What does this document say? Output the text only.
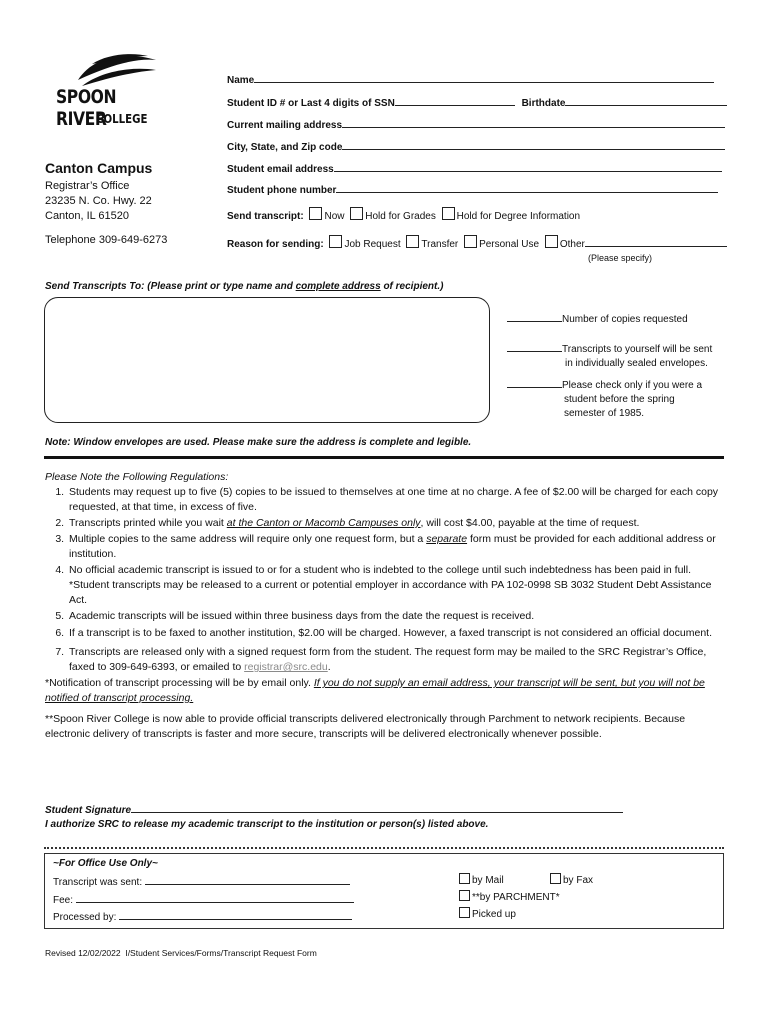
SPOON RIVER
COLLEGE
Canton Campus
Registrar’s Office
23235 N. Co. Hwy. 22
Canton, IL 61520
Telephone 309-649-6273
Name
Student ID # or Last 4 digits of SSN	Birthdate
Current mailing address
City, State, and Zip code
Student email address
Student phone number
Send transcript: Now Hold for Grades Hold for Degree Information
Reason for sending: Job Request Transfer Personal Use Other
(Please specify)
Send Transcripts To: (Please print or type name and complete address of recipient.)
Number of copies requested
Transcripts to yourself will be sent
in individually sealed envelopes.
Please check only if you were a
student before the spring
semester of 1985.
Note: Window envelopes are used. Please make sure the address is complete and legible.
Please Note the Following Regulations:
1. Students may request up to five (5) copies to be issued to themselves at one time at no charge. A fee of $2.00 will be charged for each copy requested, at that time, in excess of five.
2. Transcripts printed while you wait at the Canton or Macomb Campuses only, will cost $4.00, payable at the time of request.
3. Multiple copies to the same address will require only one request form, but a separate form must be provided for each additional address or institution.
4. No official academic transcript is issued to or for a student who is indebted to the college until such indebtedness has been paid in full. *Student transcripts may be released to a current or potential employer in accordance with PA 102-0998 SB 3032 Student Debt Assistance Act.
5. Academic transcripts will be issued within three business days from the date the request is received.
6. If a transcript is to be faxed to another institution, $2.00 will be charged. However, a faxed transcript is not considered an official document.
7. Transcripts are released only with a signed request form from the student. The request form may be mailed to the SRC Registrar’s Office, faxed to 309-649-6393, or emailed to registrar@src.edu.
*Notification of transcript processing will be by email only. If you do not supply an email address, your transcript will be sent, but you will not be notified of transcript processing.
**Spoon River College is now able to provide official transcripts delivered electronically through Parchment to network recipients. Because electronic delivery of transcripts is faster and more secure, transcripts will be delivered electronically whenever possible.
Student Signature
I authorize SRC to release my academic transcript to the institution or person(s) listed above.
~For Office Use Only~
Transcript was sent:
Fee:
Processed by:
by Mail	by Fax
**by PARCHMENT*
Picked up
Revised 12/02/2022  I/Student Services/Forms/Transcript Request Form
